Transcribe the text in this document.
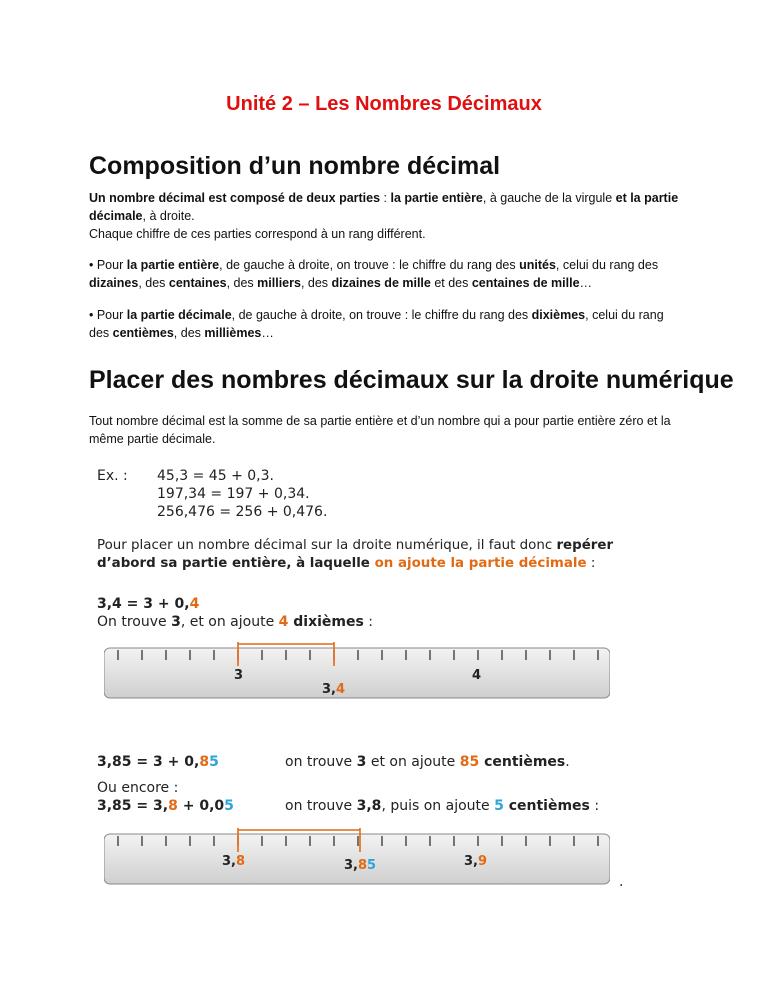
Unité 2 – Les Nombres Décimaux
Composition d’un nombre décimal

Un nombre décimal est composé de deux parties : la partie entière, à gauche de la virgule et la partie décimale, à droite.
Chaque chiffre de ces parties correspond à un rang différent.

• Pour la partie entière, de gauche à droite, on trouve : le chiffre du rang des unités, celui du rang des dizaines, des centaines, des milliers, des dizaines de mille et des centaines de mille…

• Pour la partie décimale, de gauche à droite, on trouve : le chiffre du rang des dixièmes, celui du rang des centièmes, des millièmes…

Placer des nombres décimaux sur la droite numérique

Tout nombre décimal est la somme de sa partie entière et d’un nombre qui a pour partie entière zéro et la même partie décimale.

Ex. : 45,3 = 45 + 0,3.
197,34 = 197 + 0,34.
256,476 = 256 + 0,476.
Pour placer un nombre décimal sur la droite numérique, il faut donc repérer
d’abord sa partie entière, à laquelle on ajoute la partie décimale :
3,4 = 3 + 0,4
On trouve 3, et on ajoute 4 dixièmes :
3	4
3,4
3,85 = 3 + 0,85	on trouve 3 et on ajoute 85 centièmes.
Ou encore :
3,85 = 3,8 + 0,05	on trouve 3,8, puis on ajoute 5 centièmes :
3,8	3,85	3,9
.
